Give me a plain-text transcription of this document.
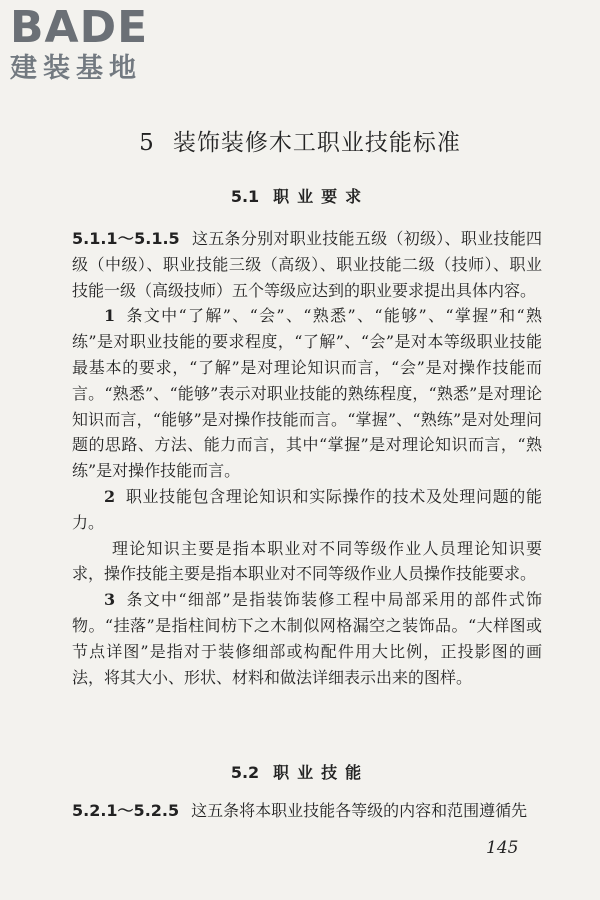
BADE
建装基地
5 装饰装修木工职业技能标准
5.1 职业要求

5.1.1～5.1.5 这五条分别对职业技能五级（初级）、职业技能四级（中级）、职业技能三级（高级）、职业技能二级（技师）、职业技能一级（高级技师）五个等级应达到的职业要求提出具体内容。

1 条文中“了解”、“会”、“熟悉”、“能够”、“掌握”和“熟练”是对职业技能的要求程度，“了解”、“会”是对本等级职业技能最基本的要求，“了解”是对理论知识而言，“会”是对操作技能而言。“熟悉”、“能够”表示对职业技能的熟练程度，“熟悉”是对理论知识而言，“能够”是对操作技能而言。“掌握”、“熟练”是对处理问题的思路、方法、能力而言，其中“掌握”是对理论知识而言，“熟练”是对操作技能而言。

2 职业技能包含理论知识和实际操作的技术及处理问题的能力。

理论知识主要是指本职业对不同等级作业人员理论知识要求，操作技能主要是指本职业对不同等级作业人员操作技能要求。

3 条文中“细部”是指装饰装修工程中局部采用的部件式饰物。“挂落”是指柱间枋下之木制似网格漏空之装饰品。“大样图或节点详图”是指对于装修细部或构配件用大比例，正投影图的画法，将其大小、形状、材料和做法详细表示出来的图样。

5.2 职业技能

5.2.1～5.2.5 这五条将本职业技能各等级的内容和范围遵循先

145
